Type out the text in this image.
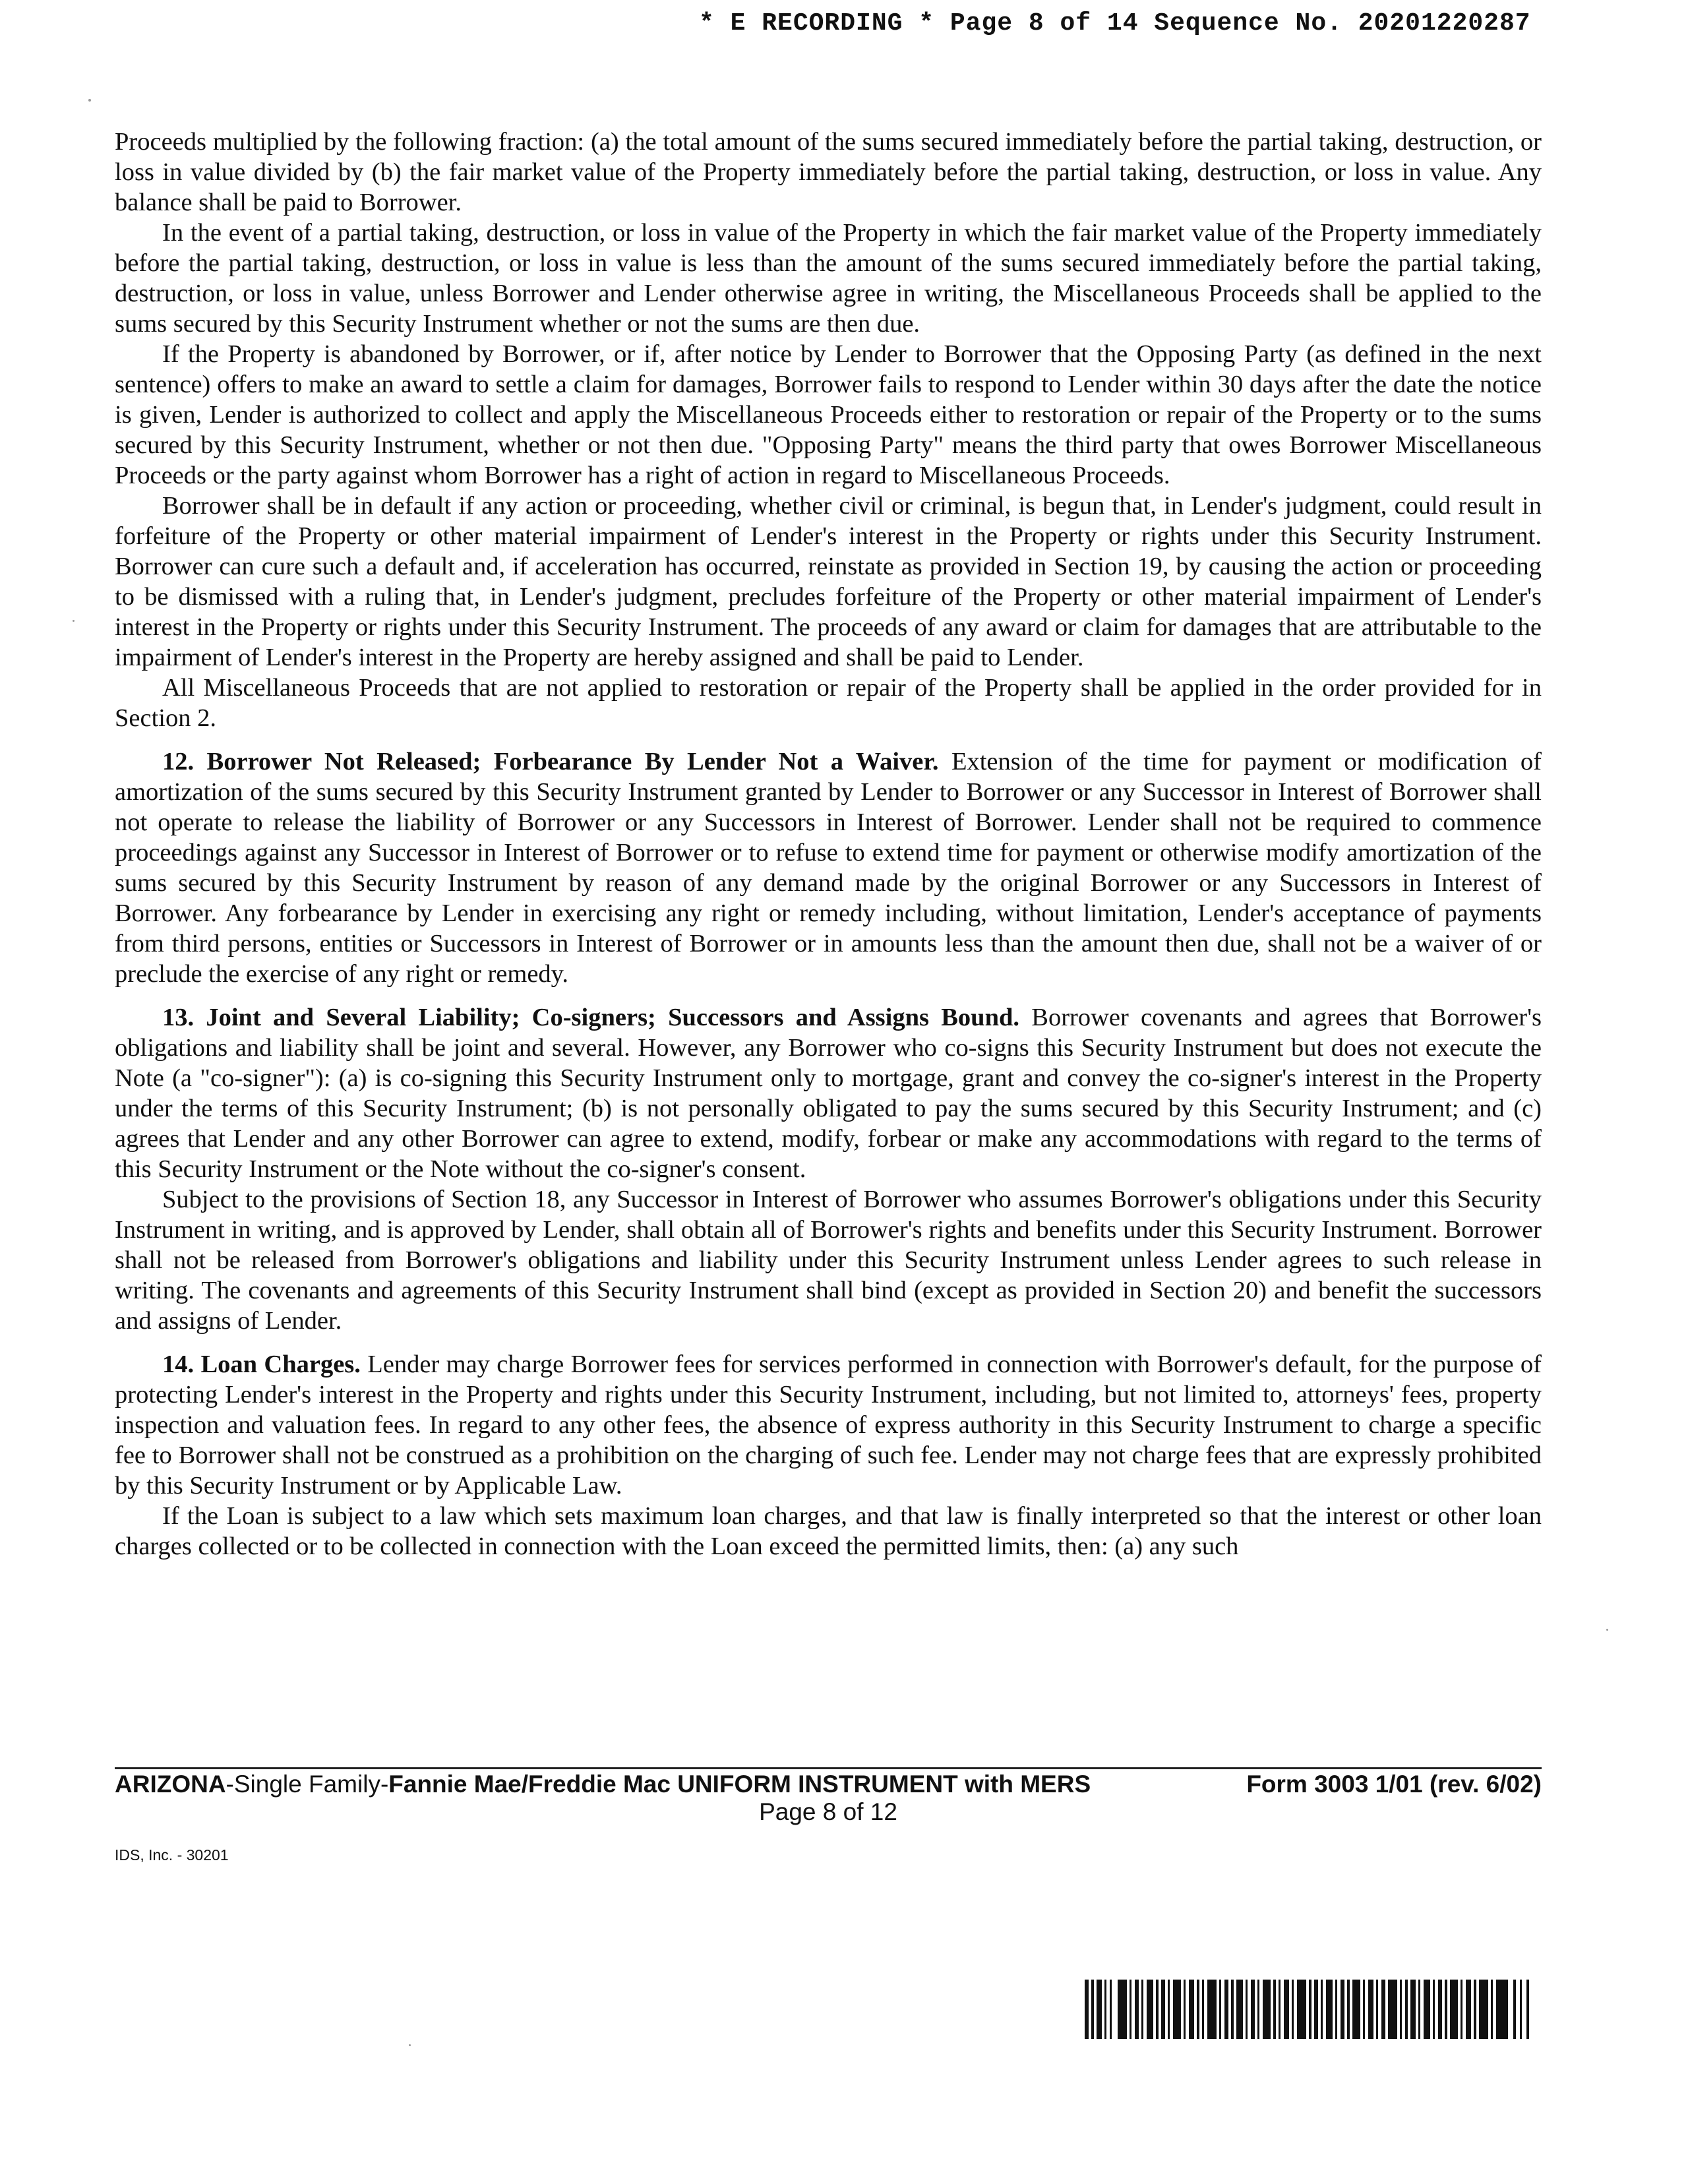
* E RECORDING * Page 8 of 14 Sequence No. 20201220287

Proceeds multiplied by the following fraction: (a) the total amount of the sums secured immediately before the partial taking, destruction, or loss in value divided by (b) the fair market value of the Property immediately before the partial taking, destruction, or loss in value. Any balance shall be paid to Borrower.

In the event of a partial taking, destruction, or loss in value of the Property in which the fair market value of the Property immediately before the partial taking, destruction, or loss in value is less than the amount of the sums secured immediately before the partial taking, destruction, or loss in value, unless Borrower and Lender otherwise agree in writing, the Miscellaneous Proceeds shall be applied to the sums secured by this Security Instrument whether or not the sums are then due.

If the Property is abandoned by Borrower, or if, after notice by Lender to Borrower that the Opposing Party (as defined in the next sentence) offers to make an award to settle a claim for damages, Borrower fails to respond to Lender within 30 days after the date the notice is given, Lender is authorized to collect and apply the Miscellaneous Proceeds either to restoration or repair of the Property or to the sums secured by this Security Instrument, whether or not then due. "Opposing Party" means the third party that owes Borrower Miscellaneous Proceeds or the party against whom Borrower has a right of action in regard to Miscellaneous Proceeds.

Borrower shall be in default if any action or proceeding, whether civil or criminal, is begun that, in Lender's judgment, could result in forfeiture of the Property or other material impairment of Lender's interest in the Property or rights under this Security Instrument. Borrower can cure such a default and, if acceleration has occurred, reinstate as provided in Section 19, by causing the action or proceeding to be dismissed with a ruling that, in Lender's judgment, precludes forfeiture of the Property or other material impairment of Lender's interest in the Property or rights under this Security Instrument. The proceeds of any award or claim for damages that are attributable to the impairment of Lender's interest in the Property are hereby assigned and shall be paid to Lender.

All Miscellaneous Proceeds that are not applied to restoration or repair of the Property shall be applied in the order provided for in Section 2.

12. Borrower Not Released; Forbearance By Lender Not a Waiver. Extension of the time for payment or modification of amortization of the sums secured by this Security Instrument granted by Lender to Borrower or any Successor in Interest of Borrower shall not operate to release the liability of Borrower or any Successors in Interest of Borrower. Lender shall not be required to commence proceedings against any Successor in Interest of Borrower or to refuse to extend time for payment or otherwise modify amortization of the sums secured by this Security Instrument by reason of any demand made by the original Borrower or any Successors in Interest of Borrower. Any forbearance by Lender in exercising any right or remedy including, without limitation, Lender's acceptance of payments from third persons, entities or Successors in Interest of Borrower or in amounts less than the amount then due, shall not be a waiver of or preclude the exercise of any right or remedy.

13. Joint and Several Liability; Co-signers; Successors and Assigns Bound. Borrower covenants and agrees that Borrower's obligations and liability shall be joint and several. However, any Borrower who co-signs this Security Instrument but does not execute the Note (a "co-signer"): (a) is co-signing this Security Instrument only to mortgage, grant and convey the co-signer's interest in the Property under the terms of this Security Instrument; (b) is not personally obligated to pay the sums secured by this Security Instrument; and (c) agrees that Lender and any other Borrower can agree to extend, modify, forbear or make any accommodations with regard to the terms of this Security Instrument or the Note without the co-signer's consent.

Subject to the provisions of Section 18, any Successor in Interest of Borrower who assumes Borrower's obligations under this Security Instrument in writing, and is approved by Lender, shall obtain all of Borrower's rights and benefits under this Security Instrument. Borrower shall not be released from Borrower's obligations and liability under this Security Instrument unless Lender agrees to such release in writing. The covenants and agreements of this Security Instrument shall bind (except as provided in Section 20) and benefit the successors and assigns of Lender.

14. Loan Charges. Lender may charge Borrower fees for services performed in connection with Borrower's default, for the purpose of protecting Lender's interest in the Property and rights under this Security Instrument, including, but not limited to, attorneys' fees, property inspection and valuation fees. In regard to any other fees, the absence of express authority in this Security Instrument to charge a specific fee to Borrower shall not be construed as a prohibition on the charging of such fee. Lender may not charge fees that are expressly prohibited by this Security Instrument or by Applicable Law.

If the Loan is subject to a law which sets maximum loan charges, and that law is finally interpreted so that the interest or other loan charges collected or to be collected in connection with the Loan exceed the permitted limits, then: (a) any such

ARIZONA-Single Family-Fannie Mae/Freddie Mac UNIFORM INSTRUMENT with MERS	Form 3003 1/01 (rev. 6/02)
Page 8 of 12
IDS, Inc. - 30201
